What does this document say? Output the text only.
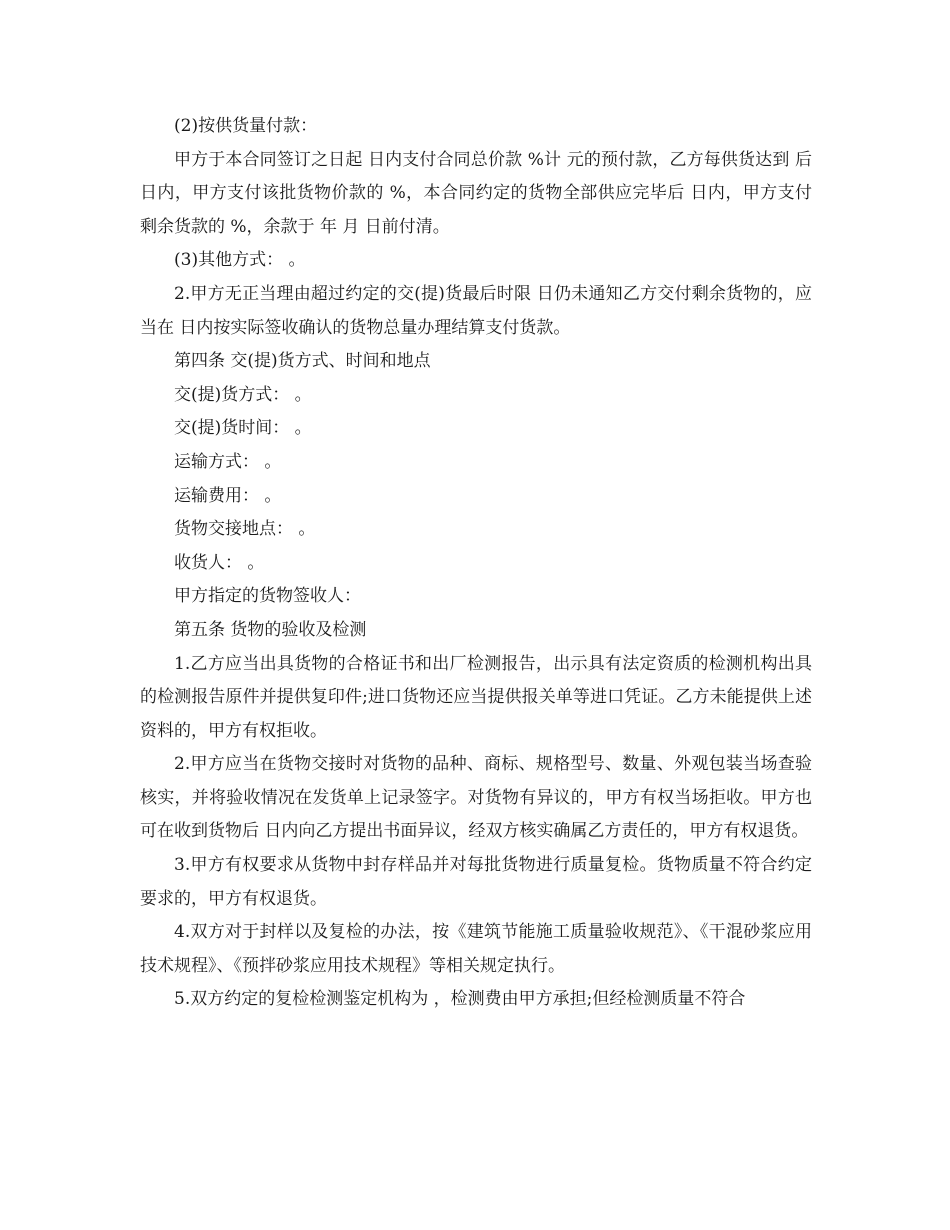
(2)按供货量付款：

甲方于本合同签订之日起 日内支付合同总价款 %计 元的预付款，乙方每供货达到 后 日内，甲方支付该批货物价款的 %，本合同约定的货物全部供应完毕后 日内，甲方支付剩余货款的 %，余款于 年 月 日前付清。

(3)其他方式： 。

2.甲方无正当理由超过约定的交(提)货最后时限 日仍未通知乙方交付剩余货物的，应当在 日内按实际签收确认的货物总量办理结算支付货款。

第四条 交(提)货方式、时间和地点

交(提)货方式： 。

交(提)货时间： 。

运输方式： 。

运输费用： 。

货物交接地点： 。

收货人： 。

甲方指定的货物签收人：

第五条 货物的验收及检测

1.乙方应当出具货物的合格证书和出厂检测报告，出示具有法定资质的检测机构出具的检测报告原件并提供复印件;进口货物还应当提供报关单等进口凭证。乙方未能提供上述资料的，甲方有权拒收。

2.甲方应当在货物交接时对货物的品种、商标、规格型号、数量、外观包装当场查验核实，并将验收情况在发货单上记录签字。对货物有异议的，甲方有权当场拒收。甲方也可在收到货物后 日内向乙方提出书面异议，经双方核实确属乙方责任的，甲方有权退货。

3.甲方有权要求从货物中封存样品并对每批货物进行质量复检。货物质量不符合约定要求的，甲方有权退货。

4.双方对于封样以及复检的办法，按《建筑节能施工质量验收规范》、《干混砂浆应用技术规程》、《预拌砂浆应用技术规程》等相关规定执行。

5.双方约定的复检检测鉴定机构为 ，检测费由甲方承担;但经检测质量不符合
